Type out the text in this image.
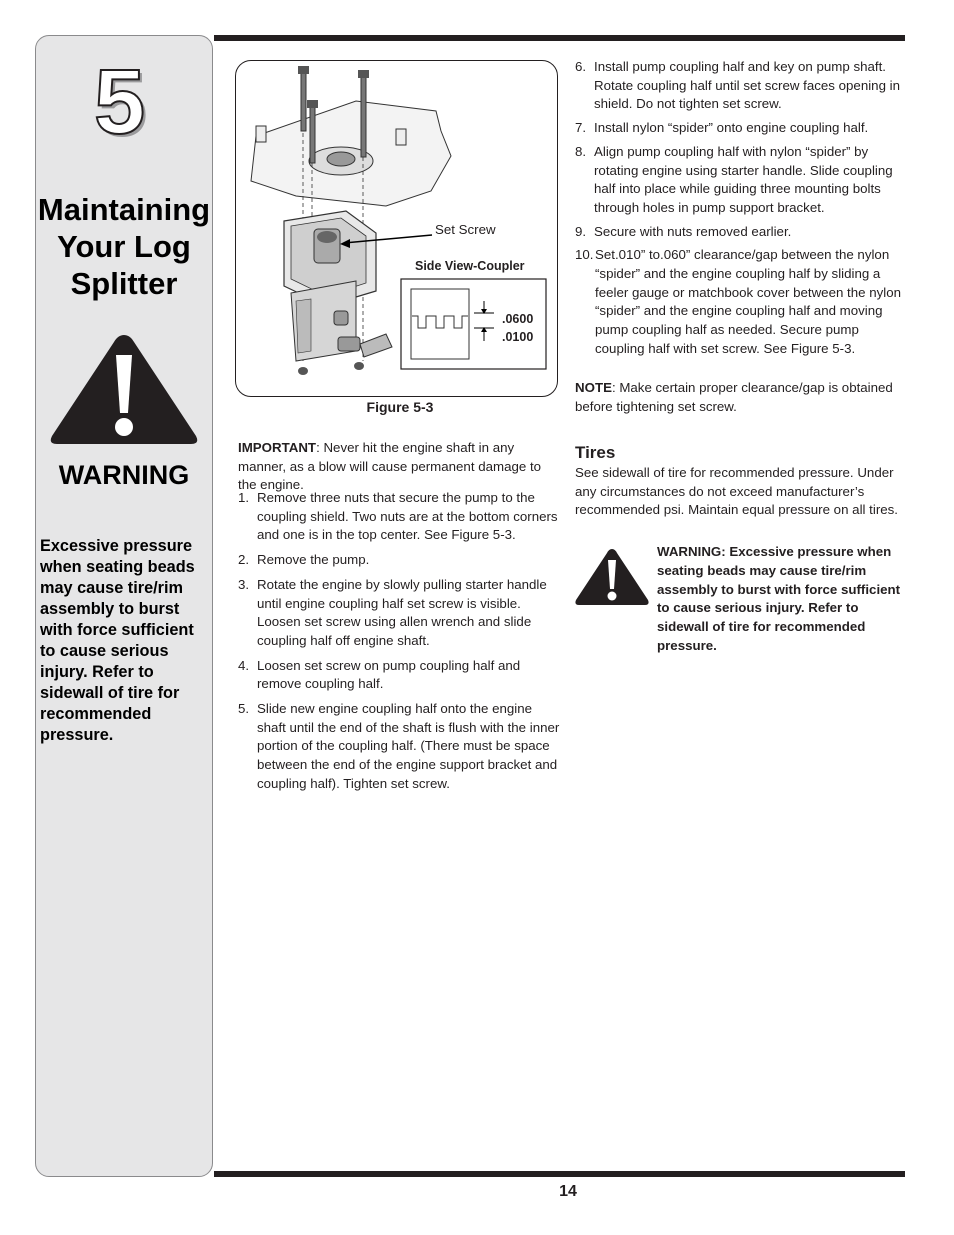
5
Maintaining
Your Log
Splitter
WARNING
Excessive pressure when seating beads may cause tire/rim assembly to burst with force sufficient to cause serious injury. Refer to sidewall of tire for recommended pressure.
Set Screw
Side View-Coupler
.0600
.0100
Figure 5-3

IMPORTANT: Never hit the engine shaft in any manner, as a blow will cause permanent damage to the engine.

1. Remove three nuts that secure the pump to the coupling shield. Two nuts are at the bottom corners and one is in the top center. See Figure 5-3.
2. Remove the pump.
3. Rotate the engine by slowly pulling starter handle until engine coupling half set screw is visible. Loosen set screw using allen wrench and slide coupling half off engine shaft.
4. Loosen set screw on pump coupling half and remove coupling half.
5. Slide new engine coupling half onto the engine shaft until the end of the shaft is flush with the inner portion of the coupling half. (There must be space between the end of the engine support bracket and coupling half). Tighten set screw.
6. Install pump coupling half and key on pump shaft. Rotate coupling half until set screw faces opening in shield. Do not tighten set screw.
7. Install nylon “spider” onto engine coupling half.
8. Align pump coupling half with nylon “spider” by rotating engine using starter handle. Slide coupling half into place while guiding three mounting bolts through holes in pump support bracket.
9. Secure with nuts removed earlier.
10. Set.010” to.060” clearance/gap between the nylon “spider” and the engine coupling half by sliding a feeler gauge or matchbook cover between the nylon “spider” and the engine coupling half and moving pump coupling half as needed. Secure pump coupling half with set screw. See Figure 5-3.

NOTE: Make certain proper clearance/gap is obtained before tightening set screw.

Tires

See sidewall of tire for recommended pressure. Under any circumstances do not exceed manufacturer’s recommended psi. Maintain equal pressure on all tires.

WARNING: Excessive pressure when seating beads may cause tire/rim assembly to burst with force sufficient to cause serious injury. Refer to sidewall of tire for recommended pressure.
14
